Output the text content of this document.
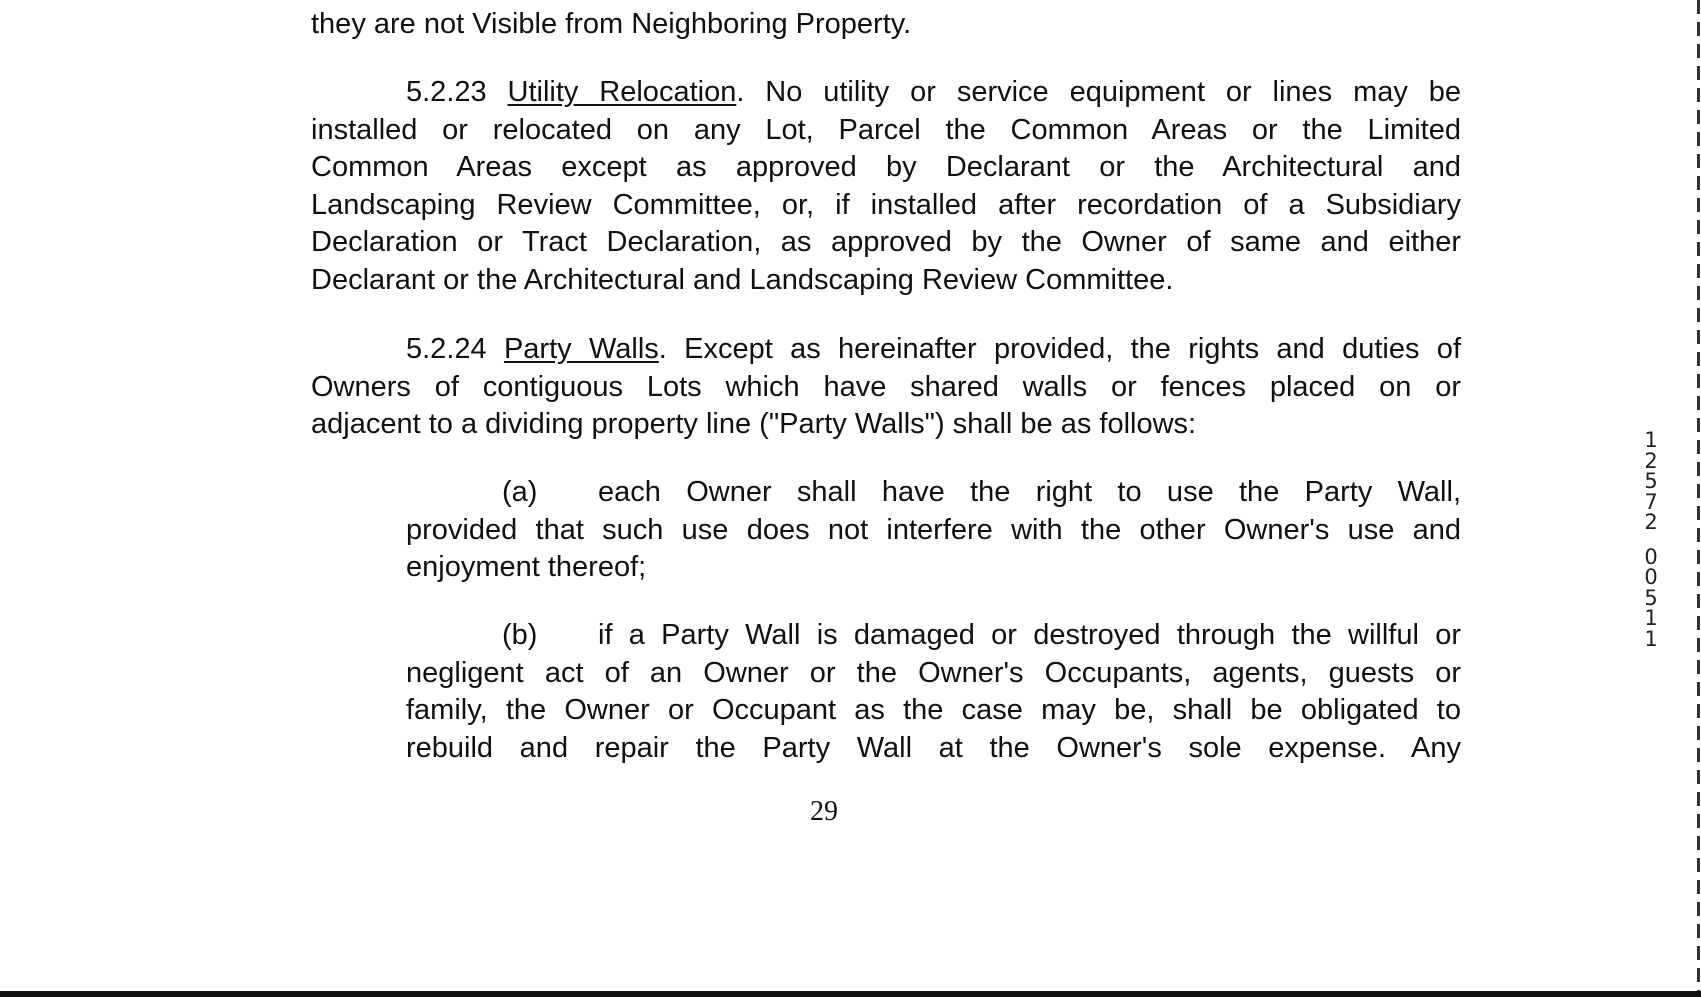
they are not Visible from Neighboring Property.

5.2.23 Utility Relocation. No utility or service equipment or lines may be
installed or relocated on any Lot, Parcel the Common Areas or the Limited
Common Areas except as approved by Declarant or the Architectural and
Landscaping Review Committee, or, if installed after recordation of a Subsidiary
Declaration or Tract Declaration, as approved by the Owner of same and either
Declarant or the Architectural and Landscaping Review Committee.

5.2.24 Party Walls. Except as hereinafter provided, the rights and duties of
Owners of contiguous Lots which have shared walls or fences placed on or
adjacent to a dividing property line ("Party Walls") shall be as follows:

(a) each Owner shall have the right to use the Party Wall,
provided that such use does not interfere with the other Owner's use and
enjoyment thereof;

(b) if a Party Wall is damaged or destroyed through the willful or
negligent act of an Owner or the Owner's Occupants, agents, guests or
family, the Owner or Occupant as the case may be, shall be obligated to
rebuild and repair the Party Wall at the Owner's sole expense. Any

29
1
2
5
7
2
0
0
5
1
1
